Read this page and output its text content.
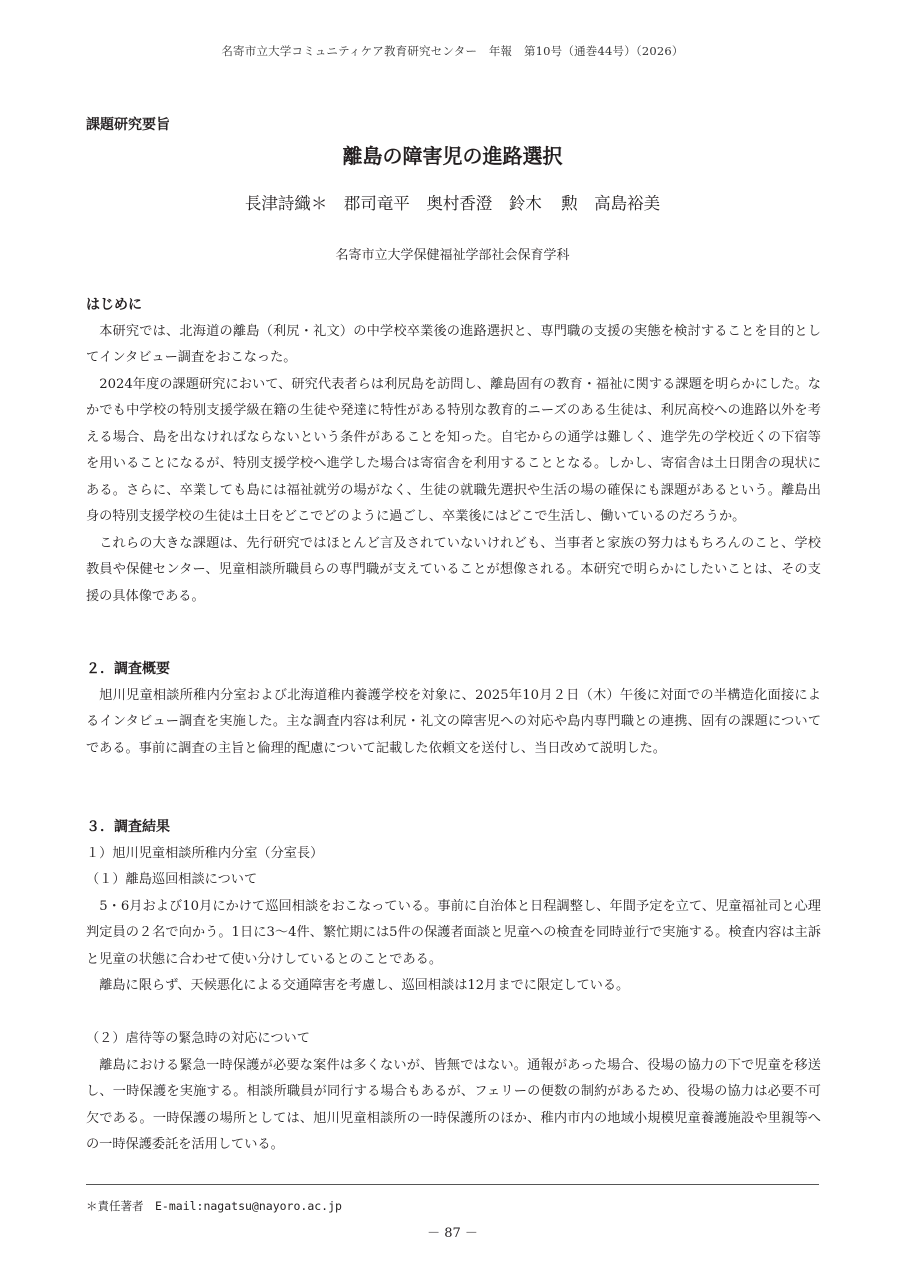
名寄市立大学コミュニティケア教育研究センター　年報　第10号（通巻44号）（2026）
課題研究要旨
離島の障害児の進路選択
長津詩織＊　郡司竜平　奥村香澄　鈴木 勲　高島裕美
名寄市立大学保健福祉学部社会保育学科
はじめに

本研究では、北海道の離島（利尻・礼文）の中学校卒業後の進路選択と、専門職の支援の実態を検討することを目的としてインタビュー調査をおこなった。

2024年度の課題研究において、研究代表者らは利尻島を訪問し、離島固有の教育・福祉に関する課題を明らかにした。なかでも中学校の特別支援学級在籍の生徒や発達に特性がある特別な教育的ニーズのある生徒は、利尻高校への進路以外を考える場合、島を出なければならないという条件があることを知った。自宅からの通学は難しく、進学先の学校近くの下宿等を用いることになるが、特別支援学校へ進学した場合は寄宿舎を利用することとなる。しかし、寄宿舎は土日閉舎の現状にある。さらに、卒業しても島には福祉就労の場がなく、生徒の就職先選択や生活の場の確保にも課題があるという。離島出身の特別支援学校の生徒は土日をどこでどのように過ごし、卒業後にはどこで生活し、働いているのだろうか。

これらの大きな課題は、先行研究ではほとんど言及されていないけれども、当事者と家族の努力はもちろんのこと、学校教員や保健センター、児童相談所職員らの専門職が支えていることが想像される。本研究で明らかにしたいことは、その支援の具体像である。

２．調査概要

旭川児童相談所稚内分室および北海道稚内養護学校を対象に、2025年10月２日（木）午後に対面での半構造化面接によるインタビュー調査を実施した。主な調査内容は利尻・礼文の障害児への対応や島内専門職との連携、固有の課題についてである。事前に調査の主旨と倫理的配慮について記載した依頼文を送付し、当日改めて説明した。

３．調査結果
１）旭川児童相談所稚内分室（分室長）
（１）離島巡回相談について

5・6月および10月にかけて巡回相談をおこなっている。事前に自治体と日程調整し、年間予定を立て、児童福祉司と心理判定員の２名で向かう。1日に3〜4件、繁忙期には5件の保護者面談と児童への検査を同時並行で実施する。検査内容は主訴と児童の状態に合わせて使い分けしているとのことである。

離島に限らず、天候悪化による交通障害を考慮し、巡回相談は12月までに限定している。

（２）虐待等の緊急時の対応について

離島における緊急一時保護が必要な案件は多くないが、皆無ではない。通報があった場合、役場の協力の下で児童を移送し、一時保護を実施する。相談所職員が同行する場合もあるが、フェリーの便数の制約があるため、役場の協力は必要不可欠である。一時保護の場所としては、旭川児童相談所の一時保護所のほか、稚内市内の地域小規模児童養護施設や里親等への一時保護委託を活用している。

＊責任著者　E-mail:nagatsu@nayoro.ac.jp
－ 87 －
